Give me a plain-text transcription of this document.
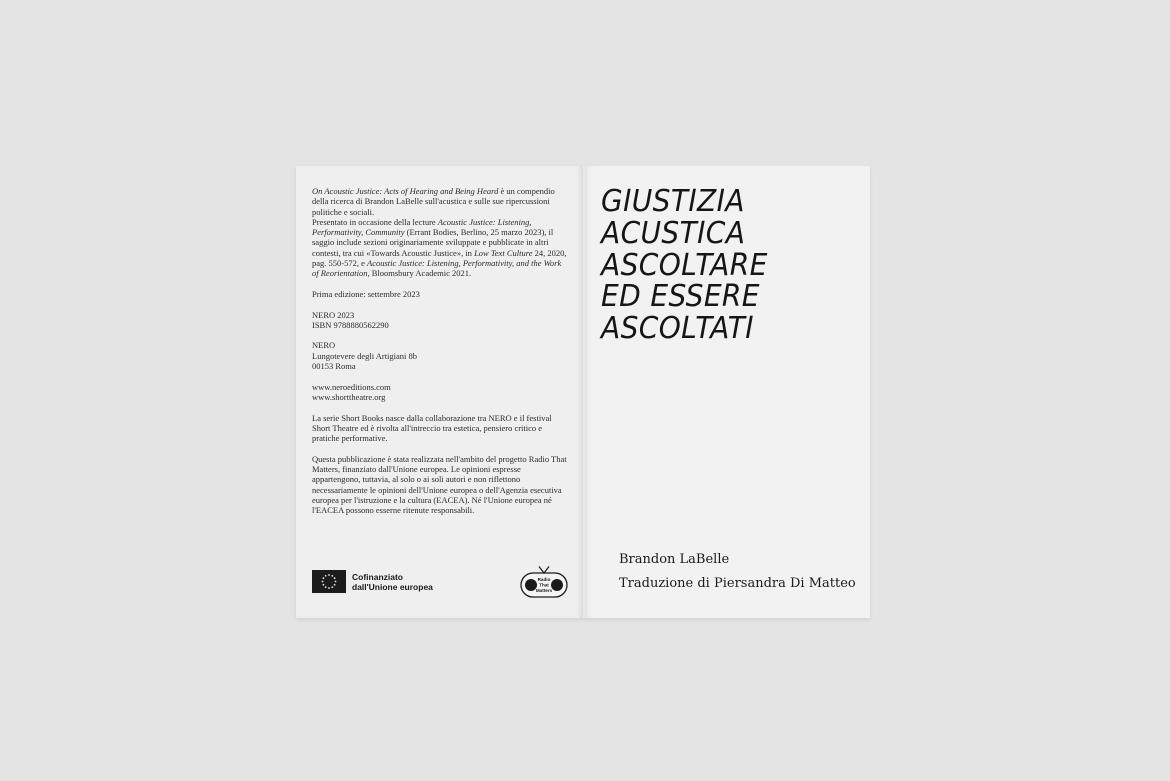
On Acoustic Justice: Acts of Hearing and Being Heard è un compendio della ricerca di Brandon LaBelle sull'acustica e sulle sue ripercussioni politiche e sociali.
Presentato in occasione della lecture Acoustic Justice: Listening, Performativity, Community (Errant Bodies, Berlino, 25 marzo 2023), il saggio include sezioni originariamente sviluppate e pubblicate in altri contesti, tra cui «Towards Acoustic Justice», in Low Text Culture 24, 2020, pag. 550-572, e Acoustic Justice: Listening, Performativity, and the Work of Reorientation, Bloomsbury Academic 2021.

Prima edizione: settembre 2023

NERO 2023
ISBN 9788880562290

NERO
Lungotevere degli Artigiani 8b
00153 Roma

www.neroeditions.com
www.shorttheatre.org

La serie Short Books nasce dalla collaborazione tra NERO e il festival Short Theatre ed è rivolta all'intreccio tra estetica, pensiero critico e pratiche performative.

Questa pubblicazione è stata realizzata nell'ambito del progetto Radio That Matters, finanziato dall'Unione europea. Le opinioni espresse appartengono, tuttavia, al solo o ai soli autori e non riflettono necessariamente le opinioni dell'Unione europea o dell'Agenzia esecutiva europea per l'istruzione e la cultura (EACEA). Né l'Unione europea né l'EACEA possono esserne ritenute responsabili.

Cofinanziato
dall'Unione europea
Radio
That
Matters
GIUSTIZIA
ACUSTICA
ASCOLTARE
ED ESSERE
ASCOLTATI
Brandon LaBelle
Traduzione di Piersandra Di Matteo
